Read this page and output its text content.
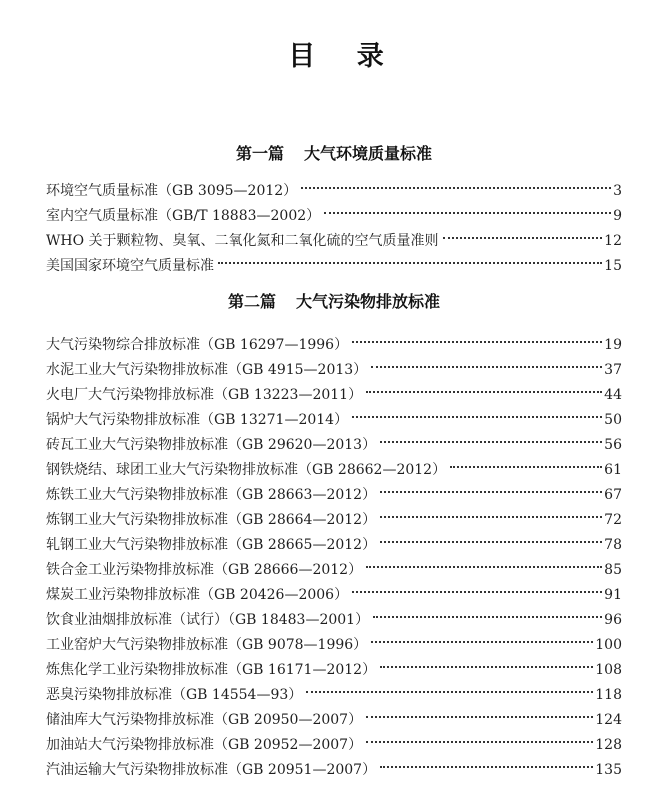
目 录
第一篇 大气环境质量标准
环境空气质量标准（GB 3095—2012）	3
室内空气质量标准（GB/T 18883—2002）	9
WHO 关于颗粒物、臭氧、二氧化氮和二氧化硫的空气质量准则	12
美国国家环境空气质量标准	15
第二篇 大气污染物排放标准
大气污染物综合排放标准（GB 16297—1996）	19
水泥工业大气污染物排放标准（GB 4915—2013）	37
火电厂大气污染物排放标准（GB 13223—2011）	44
锅炉大气污染物排放标准（GB 13271—2014）	50
砖瓦工业大气污染物排放标准（GB 29620—2013）	56
钢铁烧结、球团工业大气污染物排放标准（GB 28662—2012）	61
炼铁工业大气污染物排放标准（GB 28663—2012）	67
炼钢工业大气污染物排放标准（GB 28664—2012）	72
轧钢工业大气污染物排放标准（GB 28665—2012）	78
铁合金工业污染物排放标准（GB 28666—2012）	85
煤炭工业污染物排放标准（GB 20426—2006）	91
饮食业油烟排放标准（试行）（GB 18483—2001）	96
工业窑炉大气污染物排放标准（GB 9078—1996）	100
炼焦化学工业污染物排放标准（GB 16171—2012）	108
恶臭污染物排放标准（GB 14554—93）	118
储油库大气污染物排放标准（GB 20950—2007）	124
加油站大气污染物排放标准（GB 20952—2007）	128
汽油运输大气污染物排放标准（GB 20951—2007）	135
